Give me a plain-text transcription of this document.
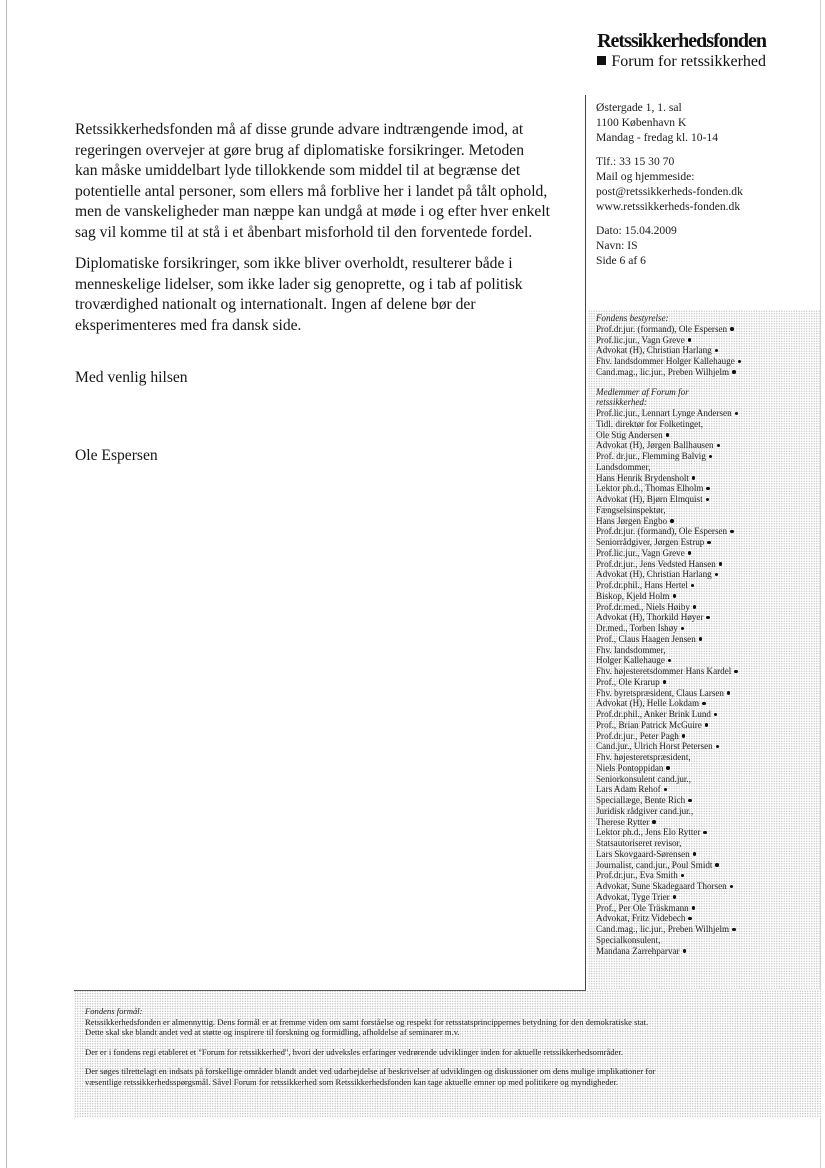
Retssikkerhedsfonden
Forum for retssikkerhed

Retssikkerhedsfonden må af disse grunde advare indtrængende imod, at
regeringen overvejer at gøre brug af diplomatiske forsikringer. Metoden
kan måske umiddelbart lyde tillokkende som middel til at begrænse det
potentielle antal personer, som ellers må forblive her i landet på tålt ophold,
men de vanskeligheder man næppe kan undgå at møde i og efter hver enkelt
sag vil komme til at stå i et åbenbart misforhold til den forventede fordel.

Diplomatiske forsikringer, som ikke bliver overholdt, resulterer både i
menneskelige lidelser, som ikke lader sig genoprette, og i tab af politisk
troværdighed nationalt og internationalt. Ingen af delene bør der
eksperimenteres med fra dansk side.

Med venlig hilsen
Ole Espersen
Østergade 1, 1. sal
1100 København K
Mandag - fredag kl. 10-14
Tlf.: 33 15 30 70
Mail og hjemmeside:
post@retssikkerheds-fonden.dk
www.retssikkerheds-fonden.dk
Dato: 15.04.2009
Navn: IS
Side 6 af 6
Fondens bestyrelse:
Prof.dr.jur. (formand), Ole Espersen
Prof.lic.jur., Vagn Greve
Advokat (H), Christian Harlang
Fhv. landsdommer Holger Kallehauge
Cand.mag., lic.jur., Preben Wilhjelm
Medlemmer af Forum for
retssikkerhed:
Prof.lic.jur., Lennart Lynge Andersen
Tidl. direktør for Folketinget,
Ole Stig Andersen
Advokat (H), Jørgen Ballhausen
Prof. dr.jur., Flemming Balvig
Landsdommer,
Hans Henrik Brydensholt
Lektor ph.d., Thomas Elholm
Advokat (H), Bjørn Elmquist
Fængselsinspektør,
Hans Jørgen Engbo
Prof.dr.jur. (formand), Ole Espersen
Seniorrådgiver, Jørgen Estrup
Prof.lic.jur., Vagn Greve
Prof.dr.jur., Jens Vedsted Hansen
Advokat (H), Christian Harlang
Prof.dr.phil., Hans Hertel
Biskop, Kjeld Holm
Prof.dr.med., Niels Høiby
Advokat (H), Thorkild Høyer
Dr.med., Torben Ishøy
Prof., Claus Haagen Jensen
Fhv. landsdommer,
Holger Kallehauge
Fhv. højesteretsdommer Hans Kardel
Prof., Ole Krarup
Fhv. byretspræsident, Claus Larsen
Advokat (H), Helle Lokdam
Prof.dr.phil., Anker Brink Lund
Prof., Brian Patrick McGuire
Prof.dr.jur., Peter Pagh
Cand.jur., Ulrich Horst Petersen
Fhv. højesteretspræsident,
Niels Pontoppidan
Seniorkonsulent cand.jur.,
Lars Adam Rehof
Speciallæge, Bente Rich
Juridisk rådgiver cand.jur.,
Therese Rytter
Lektor ph.d., Jens Elo Rytter
Statsautoriseret revisor,
Lars Skovgaard-Sørensen
Journalist, cand.jur., Poul Smidt
Prof.dr.jur., Eva Smith
Advokat, Sune Skadegaard Thorsen
Advokat, Tyge Trier
Prof., Per Ole Träskmann
Advokat, Fritz Videbech
Cand.mag., lic.jur., Preben Wilhjelm
Specialkonsulent,
Mandana Zarrehparvar
Fondens formål:
Retssikkerhedsfonden er almennyttig. Dens formål er at fremme viden om samt forståelse og respekt for retsstatsprincippernes betydning for den demokratiske stat.
Dette skal ske blandt andet ved at støtte og inspirere til forskning og formidling, afholdelse af seminarer m.v.
Der er i fondens regi etableret et "Forum for retssikkerhed", hvori der udveksles erfaringer vedrørende udviklinger inden for aktuelle retssikkerhedsområder.
Der søges tilrettelagt en indsats på forskellige områder blandt andet ved udarbejdelse af beskrivelser af udviklingen og diskussioner om dens mulige implikationer for
væsentlige retssikkerhedsspørgsmål. Såvel Forum for retssikkerhed som Retssikkerhedsfonden kan tage aktuelle emner op med politikere og myndigheder.
